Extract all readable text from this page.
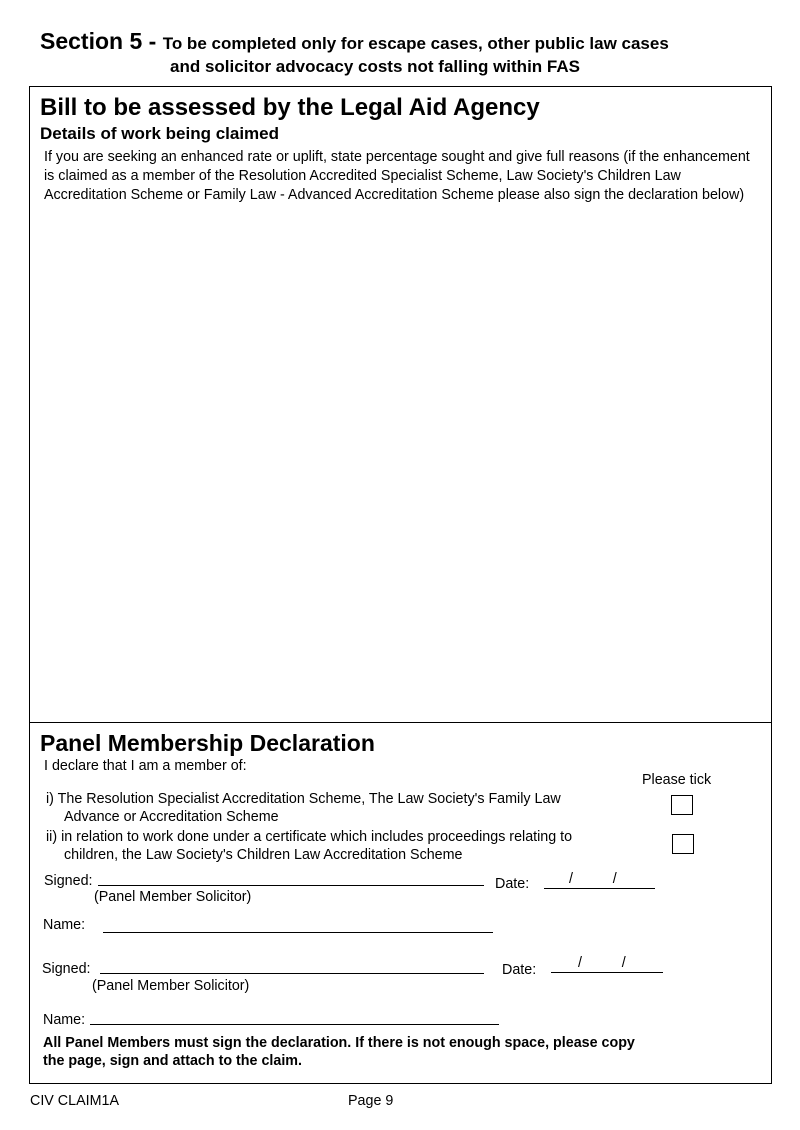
Section 5 - To be completed only for escape cases, other public law cases
and solicitor advocacy costs not falling within FAS
Bill to be assessed by the Legal Aid Agency
Details of work being claimed
If you are seeking an enhanced rate or uplift, state percentage sought and give full reasons (if the enhancement is claimed as a member of the Resolution Accredited Specialist Scheme, Law Society's Children Law Accreditation Scheme or Family Law - Advanced Accreditation Scheme please also sign the declaration below)
Panel Membership Declaration
I declare that I am a member of:
Please tick
i) The Resolution Specialist Accreditation Scheme, The Law Society's Family Law
Advance or Accreditation Scheme
ii) in relation to work done under a certificate which includes proceedings relating to
children, the Law Society's Children Law Accreditation Scheme
Signed:
(Panel Member Solicitor)
Date:	/          /
Name:
Signed:
(Panel Member Solicitor)
Date:	/          /
Name:
All Panel Members must sign the declaration. If there is not enough space, please copy
the page, sign and attach to the claim.
CIV CLAIM1A	Page 9
